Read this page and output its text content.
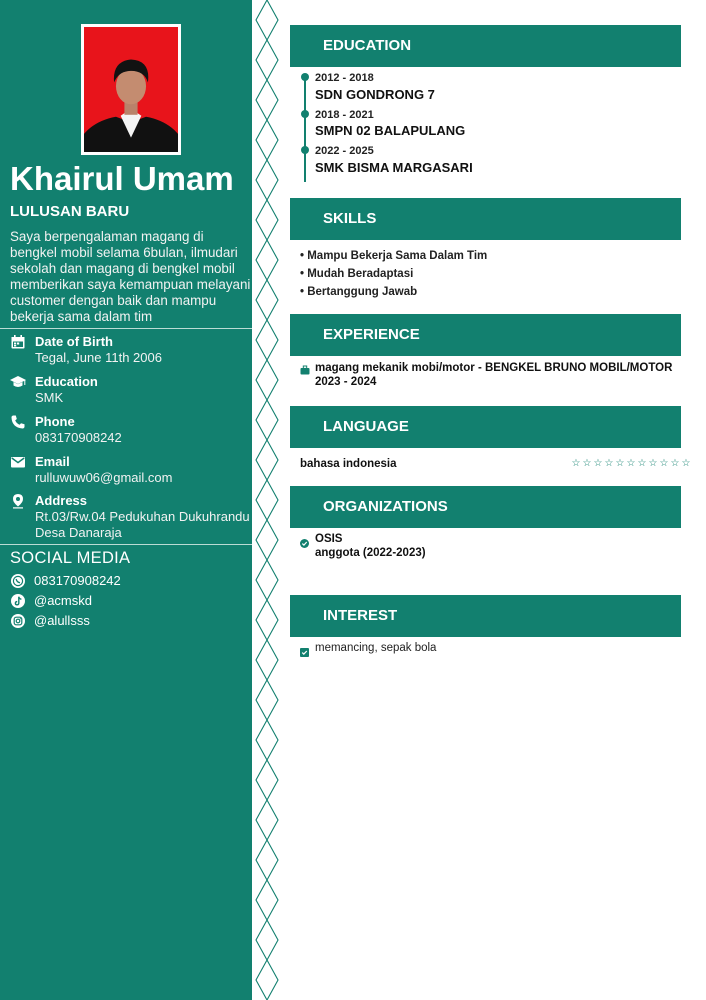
Khairul Umam
LULUSAN BARU
Saya berpengalaman magang di bengkel mobil selama 6bulan, ilmudari sekolah dan magang di bengkel mobil memberikan saya kemampuan melayani customer dengan baik dan mampu bekerja sama dalam tim
Date of Birth
Tegal, June 11th 2006
Education
SMK
Phone
083170908242
Email
rulluwuw06@gmail.com
Address
Rt.03/Rw.04 Pedukuhan Dukuhrandu Desa Danaraja
SOCIAL MEDIA
083170908242
@acmskd
@alullsss
EDUCATION
2012 - 2018
SDN GONDRONG 7
2018 - 2021
SMPN 02 BALAPULANG
2022 - 2025
SMK BISMA MARGASARI
SKILLS
• Mampu Bekerja Sama Dalam Tim
• Mudah Beradaptasi
• Bertanggung Jawab
EXPERIENCE
magang mekanik mobi/motor - BENGKEL BRUNO MOBIL/MOTOR
2023 - 2024
LANGUAGE
bahasa indonesia	☆ ☆ ☆ ☆ ☆ ☆ ☆ ☆ ☆ ☆ ☆
ORGANIZATIONS
OSIS
anggota (2022-2023)
INTEREST
memancing, sepak bola
